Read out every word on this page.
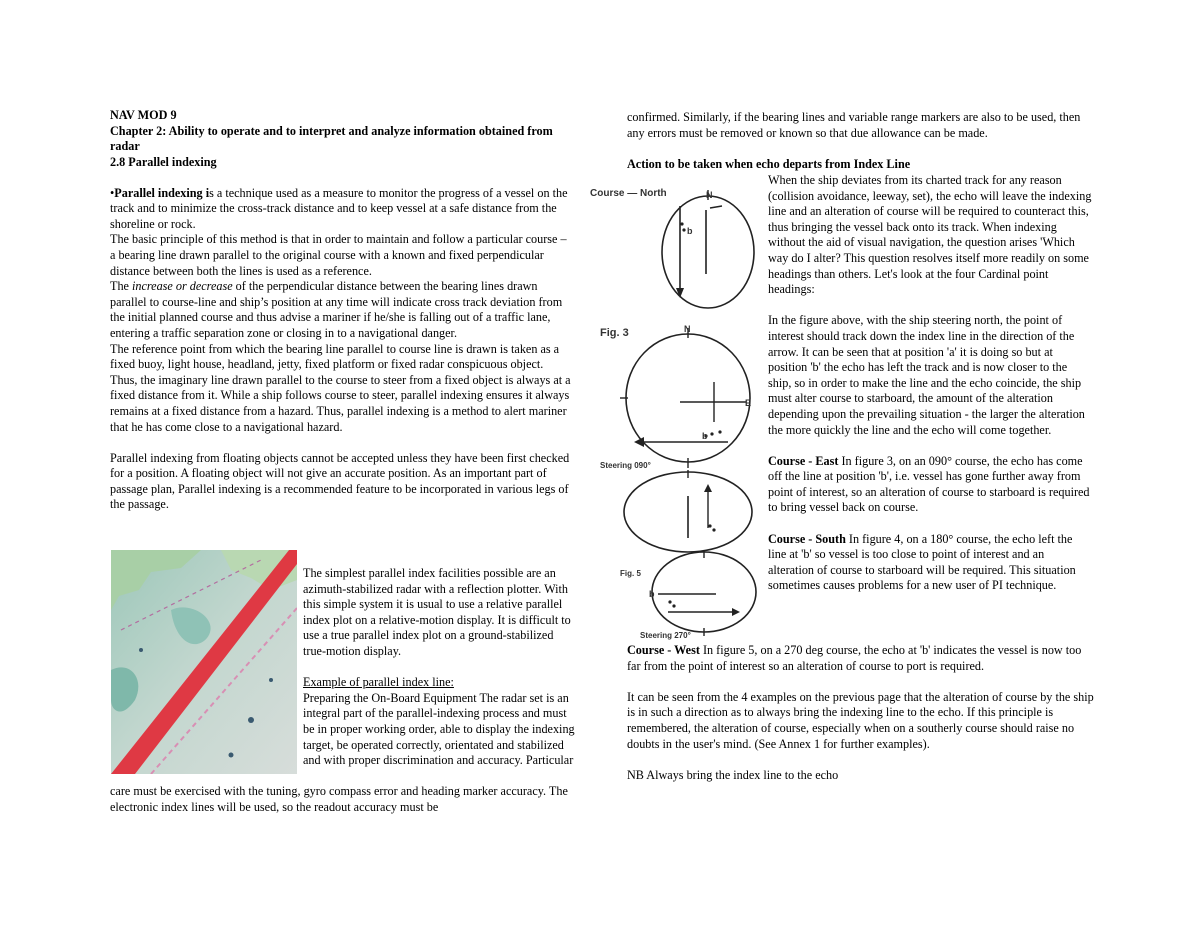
NAV MOD 9
Chapter 2: Ability to operate and to interpret and analyze information obtained from radar
2.8 Parallel indexing

•Parallel indexing is a technique used as a measure to monitor the progress of a vessel on the track and to minimize the cross-track distance and to keep vessel at a safe distance from the shoreline or rock.

The basic principle of this method is that in order to maintain and follow a particular course – a bearing line drawn parallel to the original course with a known and fixed perpendicular distance between both the lines is used as a reference.

The increase or decrease of the perpendicular distance between the bearing lines drawn parallel to course-line and ship’s position at any time will indicate cross track deviation from the initial planned course and thus advise a mariner if he/she is falling out of a traffic lane, entering a traffic separation zone or closing in to a navigational danger.

The reference point from which the bearing line parallel to course line is drawn is taken as a fixed buoy, light house, headland, jetty, fixed platform or fixed radar conspicuous object. Thus, the imaginary line drawn parallel to the course to steer from a fixed object is always at a fixed distance from it. While a ship follows course to steer, parallel indexing ensures it always remains at a fixed distance from a hazard. Thus, parallel indexing is a method to alert mariner that he has come close to a navigational hazard.

Parallel indexing from floating objects cannot be accepted unless they have been first checked for a position. A floating object will not give an accurate position. As an important part of passage plan, Parallel indexing is a recommended feature to be incorporated in various legs of the passage.

The simplest parallel index facilities possible are an azimuth-stabilized radar with a reflection plotter. With this simple system it is usual to use a relative parallel index plot on a relative-motion display. It is difficult to use a true parallel index plot on a ground-stabilized true-motion display.

Example of parallel index line:

Preparing the On-Board Equipment The radar set is an integral part of the parallel-indexing process and must be in proper working order, able to display the indexing target, be operated correctly, orientated and stabilized and with proper discrimination and accuracy. Particular

care must be exercised with the tuning, gyro compass error and heading marker accuracy. The electronic index lines will be used, so the readout accuracy must be

confirmed. Similarly, if the bearing lines and variable range markers are also to be used, then any errors must be removed or known so that due allowance can be made.

Action to be taken when echo departs from Index Line

When the ship deviates from its charted track for any reason (collision avoidance, leeway, set), the echo will leave the indexing line and an alteration of course will be required to counteract this, thus bringing the vessel back onto its track. When indexing without the aid of visual navigation, the question arises 'Which way do I alter? This question resolves itself more readily on some headings than others. Let's look at the four Cardinal point headings:

In the figure above, with the ship steering north, the point of interest should track down the index line in the direction of the arrow. It can be seen that at position 'a' it is doing so but at position 'b' the echo has left the track and is now closer to the ship, so in order to make the line and the echo coincide, the ship must alter course to starboard, the amount of the alteration depending upon the prevailing situation - the larger the alteration the more quickly the line and the echo will come together.

Course - East In figure 3, on an 090° course, the echo has come off the line at position 'b', i.e. vessel has gone further away from point of interest, so an alteration of course to starboard is required to bring vessel back on course.

Course - South In figure 4, on a 180° course, the echo left the line at 'b' so vessel is too close to point of interest and an alteration of course to starboard will be required. This situation sometimes causes problems for a new user of PI technique.

Course - West In figure 5, on a 270 deg course, the echo at 'b' indicates the vessel is now too far from the point of interest so an alteration of course to port is required.

It can be seen from the 4 examples on the previous page that the alteration of course by the ship is in such a direction as to always bring the indexing line to the echo. If this principle is remembered, the alteration of course, especially when on a southerly course should raise no doubts in the user's mind. (See Annex 1 for further examples).

NB Always bring the index line to the echo

Course — North	N
b
Fig. 3	N
E
b
Steering 090°
Fig. 5
b
Steering 270°
